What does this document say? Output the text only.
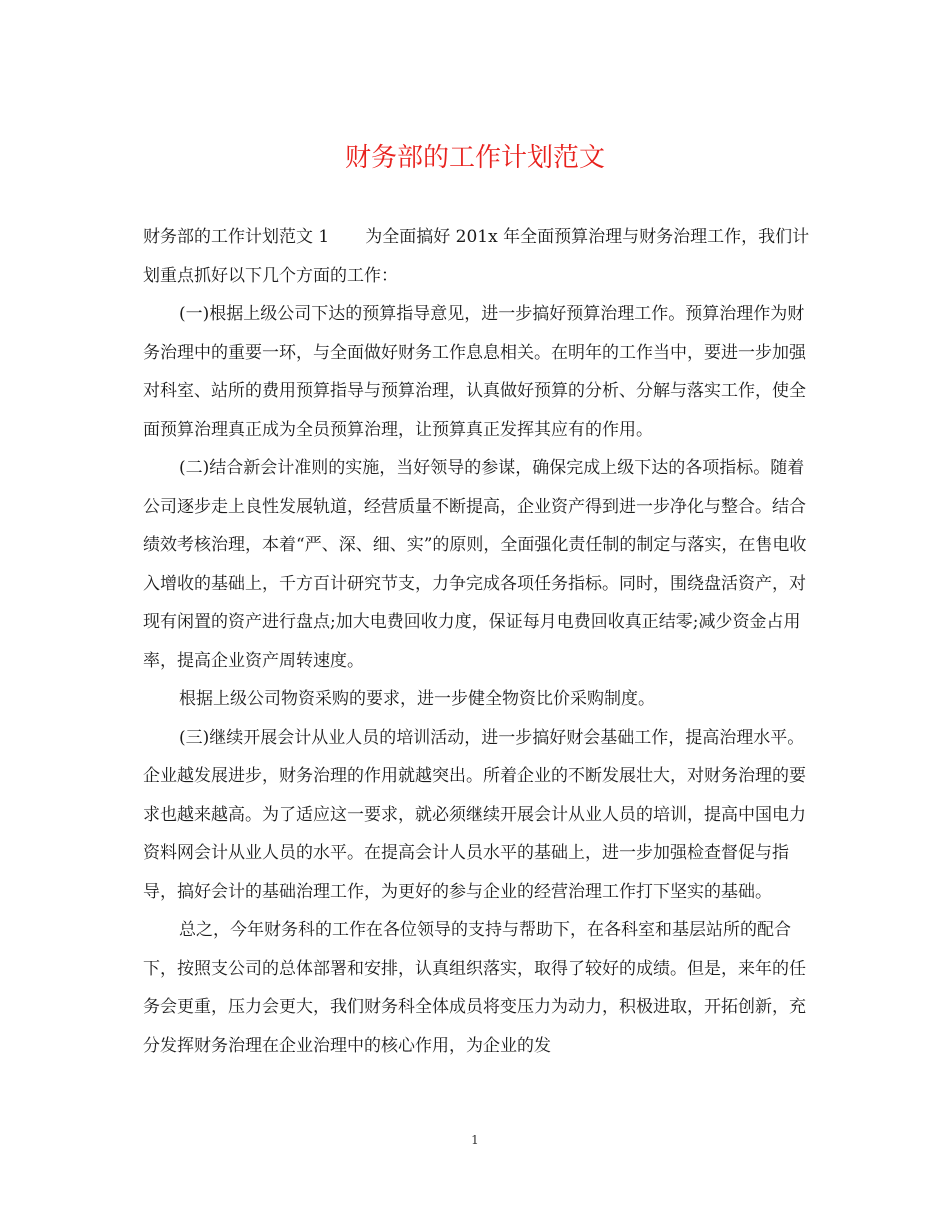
财务部的工作计划范文

财务部的工作计划范文 1 为全面搞好 201x 年全面预算治理与财务治理工作，我们计划重点抓好以下几个方面的工作：

(一)根据上级公司下达的预算指导意见，进一步搞好预算治理工作。预算治理作为财务治理中的重要一环，与全面做好财务工作息息相关。在明年的工作当中，要进一步加强对科室、站所的费用预算指导与预算治理，认真做好预算的分析、分解与落实工作，使全面预算治理真正成为全员预算治理，让预算真正发挥其应有的作用。

(二)结合新会计准则的实施，当好领导的参谋，确保完成上级下达的各项指标。随着公司逐步走上良性发展轨道，经营质量不断提高，企业资产得到进一步净化与整合。结合绩效考核治理，本着“严、深、细、实”的原则，全面强化责任制的制定与落实，在售电收入增收的基础上，千方百计研究节支，力争完成各项任务指标。同时，围绕盘活资产，对现有闲置的资产进行盘点;加大电费回收力度，保证每月电费回收真正结零;减少资金占用率，提高企业资产周转速度。

根据上级公司物资采购的要求，进一步健全物资比价采购制度。

(三)继续开展会计从业人员的培训活动，进一步搞好财会基础工作，提高治理水平。企业越发展进步，财务治理的作用就越突出。所着企业的不断发展壮大，对财务治理的要求也越来越高。为了适应这一要求，就必须继续开展会计从业人员的培训，提高中国电力资料网会计从业人员的水平。在提高会计人员水平的基础上，进一步加强检查督促与指导，搞好会计的基础治理工作，为更好的参与企业的经营治理工作打下坚实的基础。

总之，今年财务科的工作在各位领导的支持与帮助下，在各科室和基层站所的配合下，按照支公司的总体部署和安排，认真组织落实，取得了较好的成绩。但是，来年的任务会更重，压力会更大，我们财务科全体成员将变压力为动力，积极进取，开拓创新，充分发挥财务治理在企业治理中的核心作用，为企业的发

1
